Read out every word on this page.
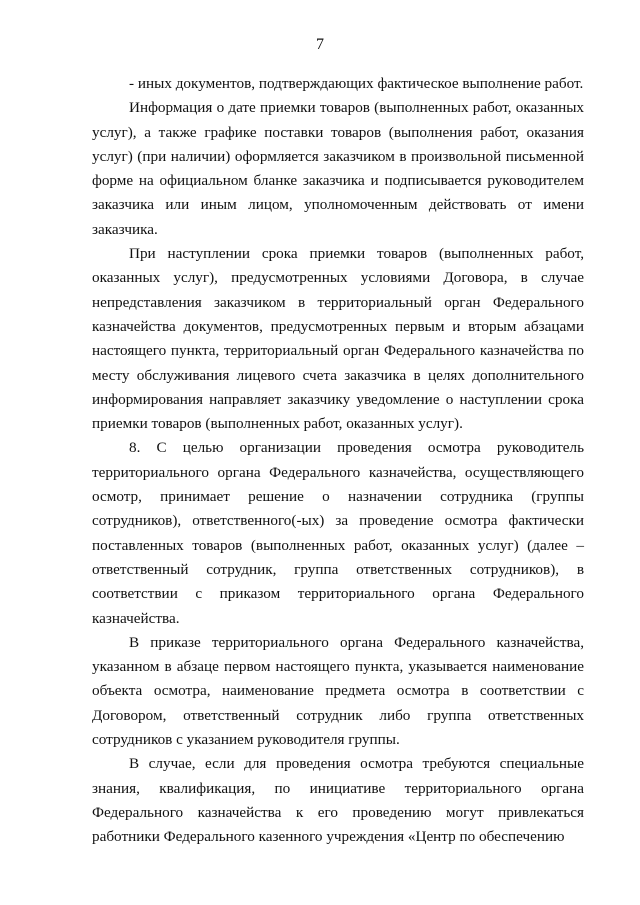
7

- иных документов, подтверждающих фактическое выполнение работ.

Информация о дате приемки товаров (выполненных работ, оказанных услуг), а также графике поставки товаров (выполнения работ, оказания услуг) (при наличии) оформляется заказчиком в произвольной письменной форме на официальном бланке заказчика и подписывается руководителем заказчика или иным лицом, уполномоченным действовать от имени заказчика.

При наступлении срока приемки товаров (выполненных работ, оказанных услуг), предусмотренных условиями Договора, в случае непредставления заказчиком в территориальный орган Федерального казначейства документов, предусмотренных первым и вторым абзацами настоящего пункта, территориальный орган Федерального казначейства по месту обслуживания лицевого счета заказчика в целях дополнительного информирования направляет заказчику уведомление о наступлении срока приемки товаров (выполненных работ, оказанных услуг).

8. С целью организации проведения осмотра руководитель территориального органа Федерального казначейства, осуществляющего осмотр, принимает решение о назначении сотрудника (группы сотрудников), ответственного(-ых) за проведение осмотра фактически поставленных товаров (выполненных работ, оказанных услуг) (далее – ответственный сотрудник, группа ответственных сотрудников), в соответствии с приказом территориального органа Федерального казначейства.

В приказе территориального органа Федерального казначейства, указанном в абзаце первом настоящего пункта, указывается наименование объекта осмотра, наименование предмета осмотра в соответствии с Договором, ответственный сотрудник либо группа ответственных сотрудников с указанием руководителя группы.

В случае, если для проведения осмотра требуются специальные знания, квалификация, по инициативе территориального органа Федерального казначейства к его проведению могут привлекаться работники Федерального казенного учреждения «Центр по обеспечению
